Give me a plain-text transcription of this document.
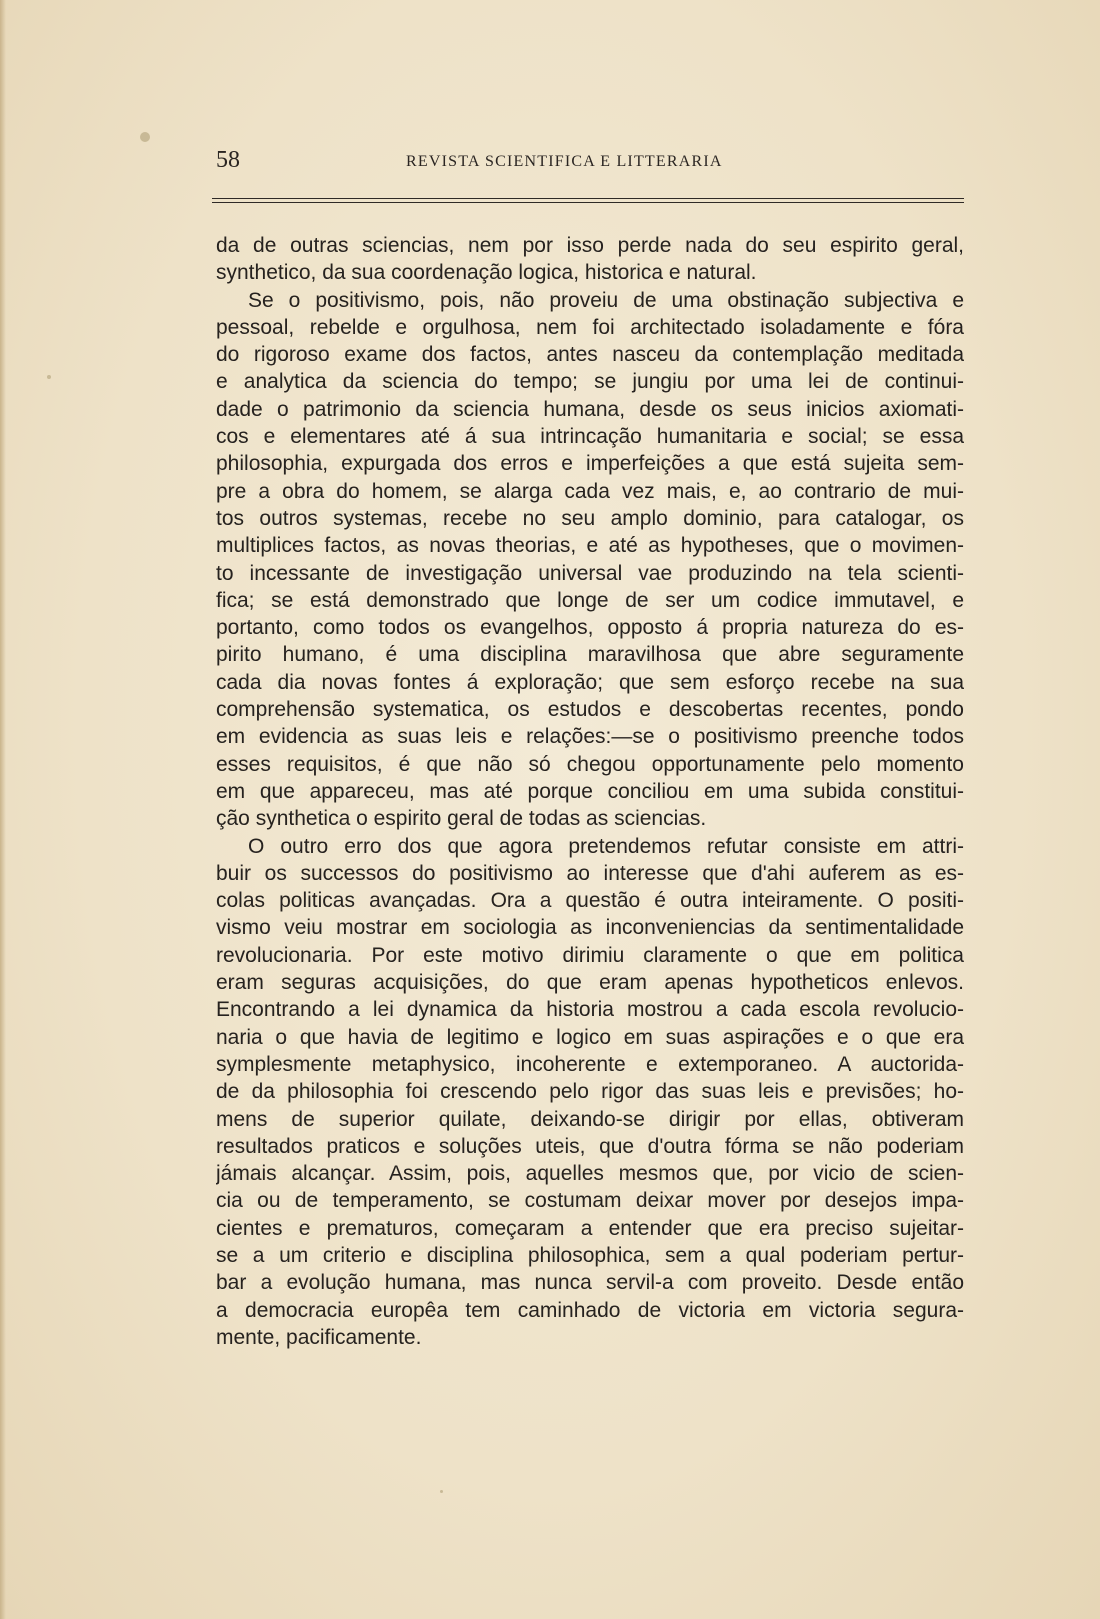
58	REVISTA SCIENTIFICA E LITTERARIA
da de outras sciencias, nem por isso perde nada do seu espirito geral,
synthetico, da sua coordenação logica, historica e natural.
Se o positivismo, pois, não proveiu de uma obstinação subjectiva e
pessoal, rebelde e orgulhosa, nem foi architectado isoladamente e fóra
do rigoroso exame dos factos, antes nasceu da contemplação meditada
e analytica da sciencia do tempo; se jungiu por uma lei de continui-
dade o patrimonio da sciencia humana, desde os seus inicios axiomati-
cos e elementares até á sua intrincação humanitaria e social; se essa
philosophia, expurgada dos erros e imperfeições a que está sujeita sem-
pre a obra do homem, se alarga cada vez mais, e, ao contrario de mui-
tos outros systemas, recebe no seu amplo dominio, para catalogar, os
multiplices factos, as novas theorias, e até as hypotheses, que o movimen-
to incessante de investigação universal vae produzindo na tela scienti-
fica; se está demonstrado que longe de ser um codice immutavel, e
portanto, como todos os evangelhos, opposto á propria natureza do es-
pirito humano, é uma disciplina maravilhosa que abre seguramente
cada dia novas fontes á exploração; que sem esforço recebe na sua
comprehensão systematica, os estudos e descobertas recentes, pondo
em evidencia as suas leis e relações:—se o positivismo preenche todos
esses requisitos, é que não só chegou opportunamente pelo momento
em que appareceu, mas até porque conciliou em uma subida constitui-
ção synthetica o espirito geral de todas as sciencias.
O outro erro dos que agora pretendemos refutar consiste em attri-
buir os successos do positivismo ao interesse que d'ahi auferem as es-
colas politicas avançadas. Ora a questão é outra inteiramente. O positi-
vismo veiu mostrar em sociologia as inconveniencias da sentimentalidade
revolucionaria. Por este motivo dirimiu claramente o que em politica
eram seguras acquisições, do que eram apenas hypotheticos enlevos.
Encontrando a lei dynamica da historia mostrou a cada escola revolucio-
naria o que havia de legitimo e logico em suas aspirações e o que era
symplesmente metaphysico, incoherente e extemporaneo. A auctorida-
de da philosophia foi crescendo pelo rigor das suas leis e previsões; ho-
mens de superior quilate, deixando-se dirigir por ellas, obtiveram
resultados praticos e soluções uteis, que d'outra fórma se não poderiam
jámais alcançar. Assim, pois, aquelles mesmos que, por vicio de scien-
cia ou de temperamento, se costumam deixar mover por desejos impa-
cientes e prematuros, começaram a entender que era preciso sujeitar-
se a um criterio e disciplina philosophica, sem a qual poderiam pertur-
bar a evolução humana, mas nunca servil-a com proveito. Desde então
a democracia europêa tem caminhado de victoria em victoria segura-
mente, pacificamente.
